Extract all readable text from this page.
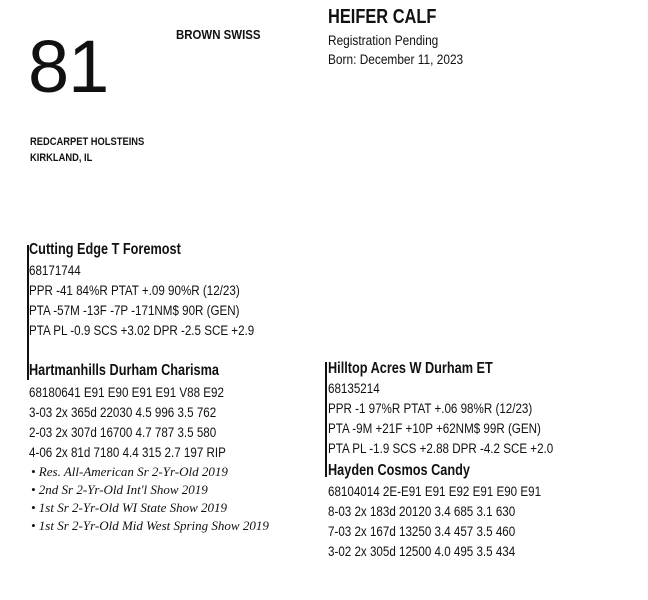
81	BROWN SWISS
HEIFER CALF
Registration Pending
Born: December 11, 2023
REDCARPET HOLSTEINS
KIRKLAND, IL
Cutting Edge T Foremost
68171744
PPR -41 84%R PTAT +.09 90%R (12/23)
PTA -57M -13F -7P -171NM$ 90R (GEN)
PTA PL -0.9 SCS +3.02 DPR -2.5 SCE +2.9
Hartmanhills Durham Charisma
68180641 E91 E90 E91 E91 V88 E92
3-03 2x 365d 22030 4.5 996 3.5 762
2-03 2x 307d 16700 4.7 787 3.5 580
4-06 2x 81d 7180 4.4 315 2.7 197 RIP
• Res. All-American Sr 2-Yr-Old 2019
• 2nd Sr 2-Yr-Old Int'l Show 2019
• 1st Sr 2-Yr-Old WI State Show 2019
• 1st Sr 2-Yr-Old Mid West Spring Show 2019
Hilltop Acres W Durham ET
68135214
PPR -1 97%R PTAT +.06 98%R (12/23)
PTA -9M +21F +10P +62NM$ 99R (GEN)
PTA PL -1.9 SCS +2.88 DPR -4.2 SCE +2.0
Hayden Cosmos Candy
68104014 2E-E91 E91 E92 E91 E90 E91
8-03 2x 183d 20120 3.4 685 3.1 630
7-03 2x 167d 13250 3.4 457 3.5 460
3-02 2x 305d 12500 4.0 495 3.5 434
